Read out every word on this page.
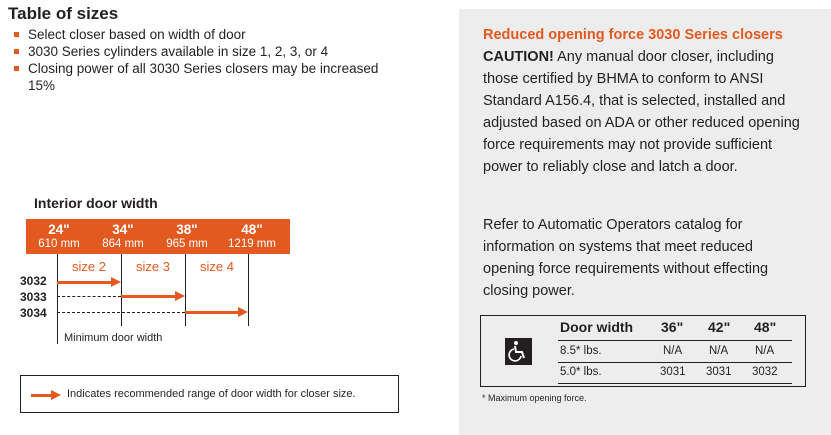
Table of sizes
Select closer based on width of door
3030 Series cylinders available in size 1, 2, 3, or 4
Closing power of all 3030 Series closers may be increased 15%
Interior door width
24"
610 mm
34"
864 mm
38"
965 mm
48"
1219 mm
size 2	size 3	size 4
3032
3033
3034
Minimum door width
Indicates recommended range of door width for closer size.
Reduced opening force 3030 Series closers
CAUTION! Any manual door closer, including those certified by BHMA to conform to ANSI Standard A156.4, that is selected, installed and adjusted based on ADA or other reduced opening force requirements may not provide sufficient power to reliably close and latch a door.
Refer to Automatic Operators catalog for information on systems that meet reduced opening force requirements without effecting closing power.
Door width 36" 42" 48"
8.5* lbs.	N/A N/A N/A
5.0* lbs.	3031 3031 3032
* Maximum opening force.
